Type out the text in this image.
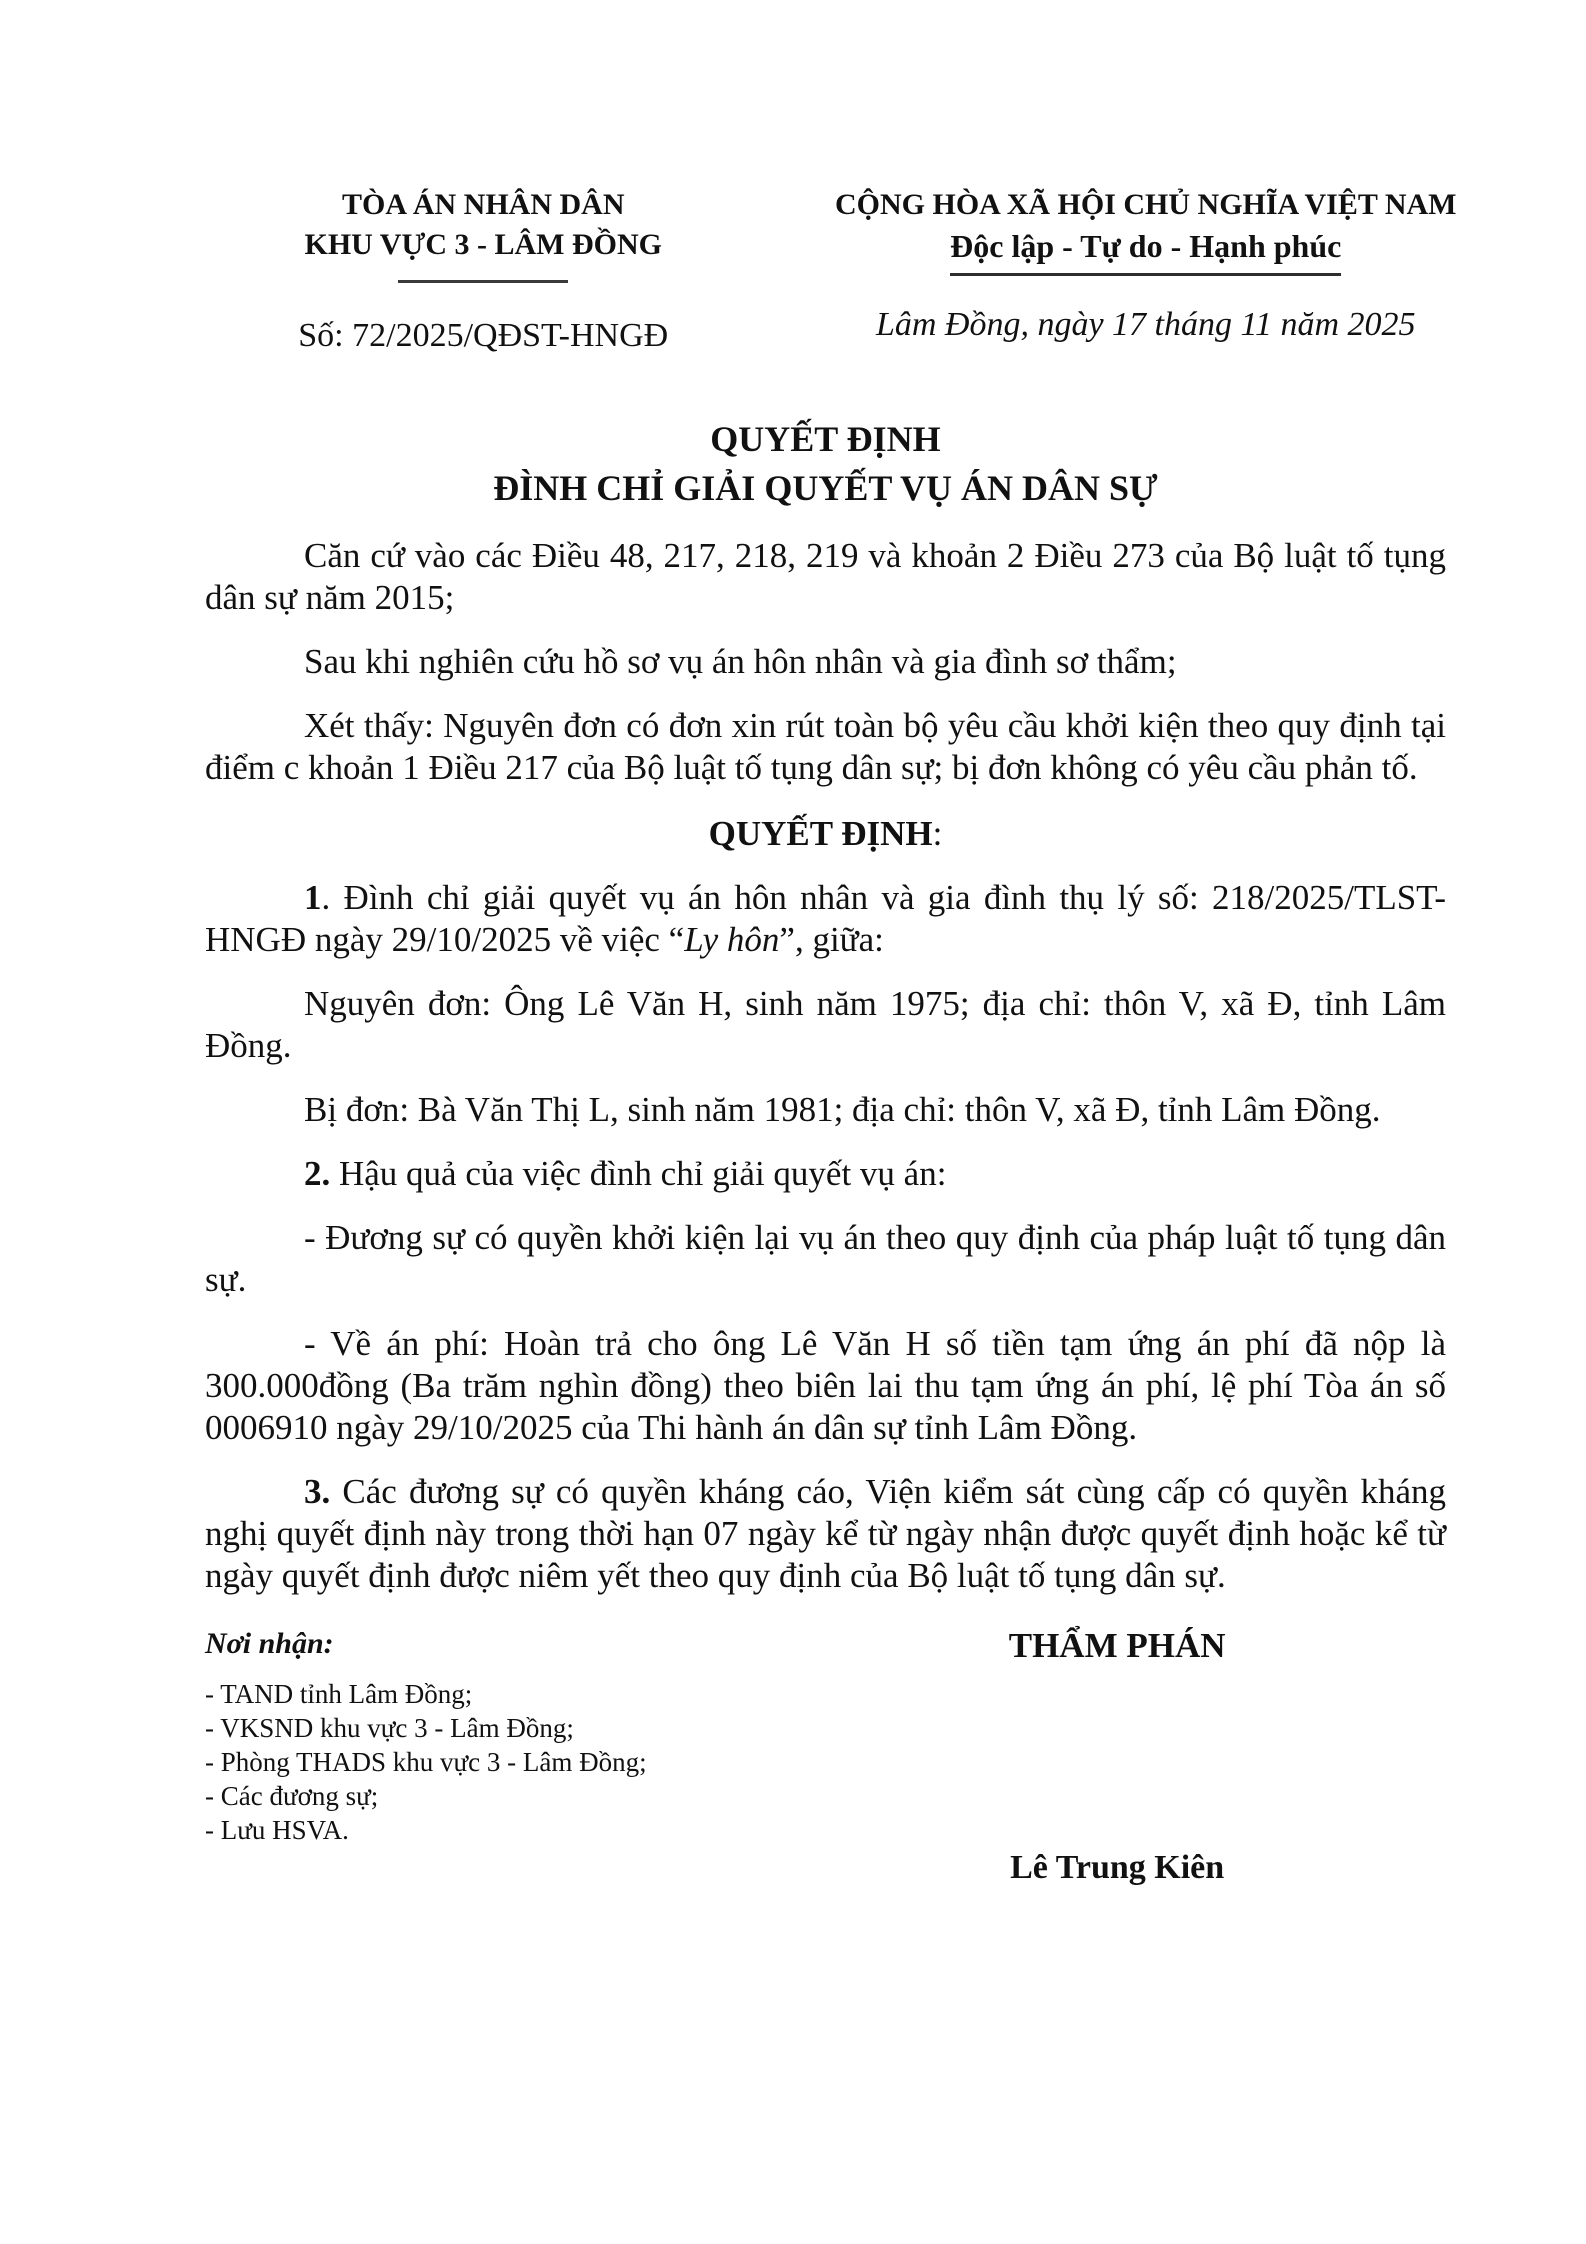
TÒA ÁN NHÂN DÂN
KHU VỰC 3 - LÂM ĐỒNG
Số: 72/2025/QĐST-HNGĐ
CỘNG HÒA XÃ HỘI CHỦ NGHĨA VIỆT NAM
Độc lập - Tự do - Hạnh phúc
Lâm Đồng, ngày 17 tháng 11 năm 2025
QUYẾT ĐỊNH
ĐÌNH CHỈ GIẢI QUYẾT VỤ ÁN DÂN SỰ

Căn cứ vào các Điều 48, 217, 218, 219 và khoản 2 Điều 273 của Bộ luật tố tụng dân sự năm 2015;

Sau khi nghiên cứu hồ sơ vụ án hôn nhân và gia đình sơ thẩm;

Xét thấy: Nguyên đơn có đơn xin rút toàn bộ yêu cầu khởi kiện theo quy định tại điểm c khoản 1 Điều 217 của Bộ luật tố tụng dân sự; bị đơn không có yêu cầu phản tố.

QUYẾT ĐỊNH:

1. Đình chỉ giải quyết vụ án hôn nhân và gia đình thụ lý số: 218/2025/TLST-HNGĐ ngày 29/10/2025 về việc “Ly hôn”, giữa:

Nguyên đơn: Ông Lê Văn H, sinh năm 1975; địa chỉ: thôn V, xã Đ, tỉnh Lâm Đồng.

Bị đơn: Bà Văn Thị L, sinh năm 1981; địa chỉ: thôn V, xã Đ, tỉnh Lâm Đồng.

2. Hậu quả của việc đình chỉ giải quyết vụ án:

- Đương sự có quyền khởi kiện lại vụ án theo quy định của pháp luật tố tụng dân sự.

- Về án phí: Hoàn trả cho ông Lê Văn H số tiền tạm ứng án phí đã nộp là 300.000đồng (Ba trăm nghìn đồng) theo biên lai thu tạm ứng án phí, lệ phí Tòa án số 0006910 ngày 29/10/2025 của Thi hành án dân sự tỉnh Lâm Đồng.

3. Các đương sự có quyền kháng cáo, Viện kiểm sát cùng cấp có quyền kháng nghị quyết định này trong thời hạn 07 ngày kể từ ngày nhận được quyết định hoặc kể từ ngày quyết định được niêm yết theo quy định của Bộ luật tố tụng dân sự.

Nơi nhận:
- TAND tỉnh Lâm Đồng;
- VKSND khu vực 3 - Lâm Đồng;
- Phòng THADS khu vực 3 - Lâm Đồng;
- Các đương sự;
- Lưu HSVA.
THẨM PHÁN
Lê Trung Kiên
